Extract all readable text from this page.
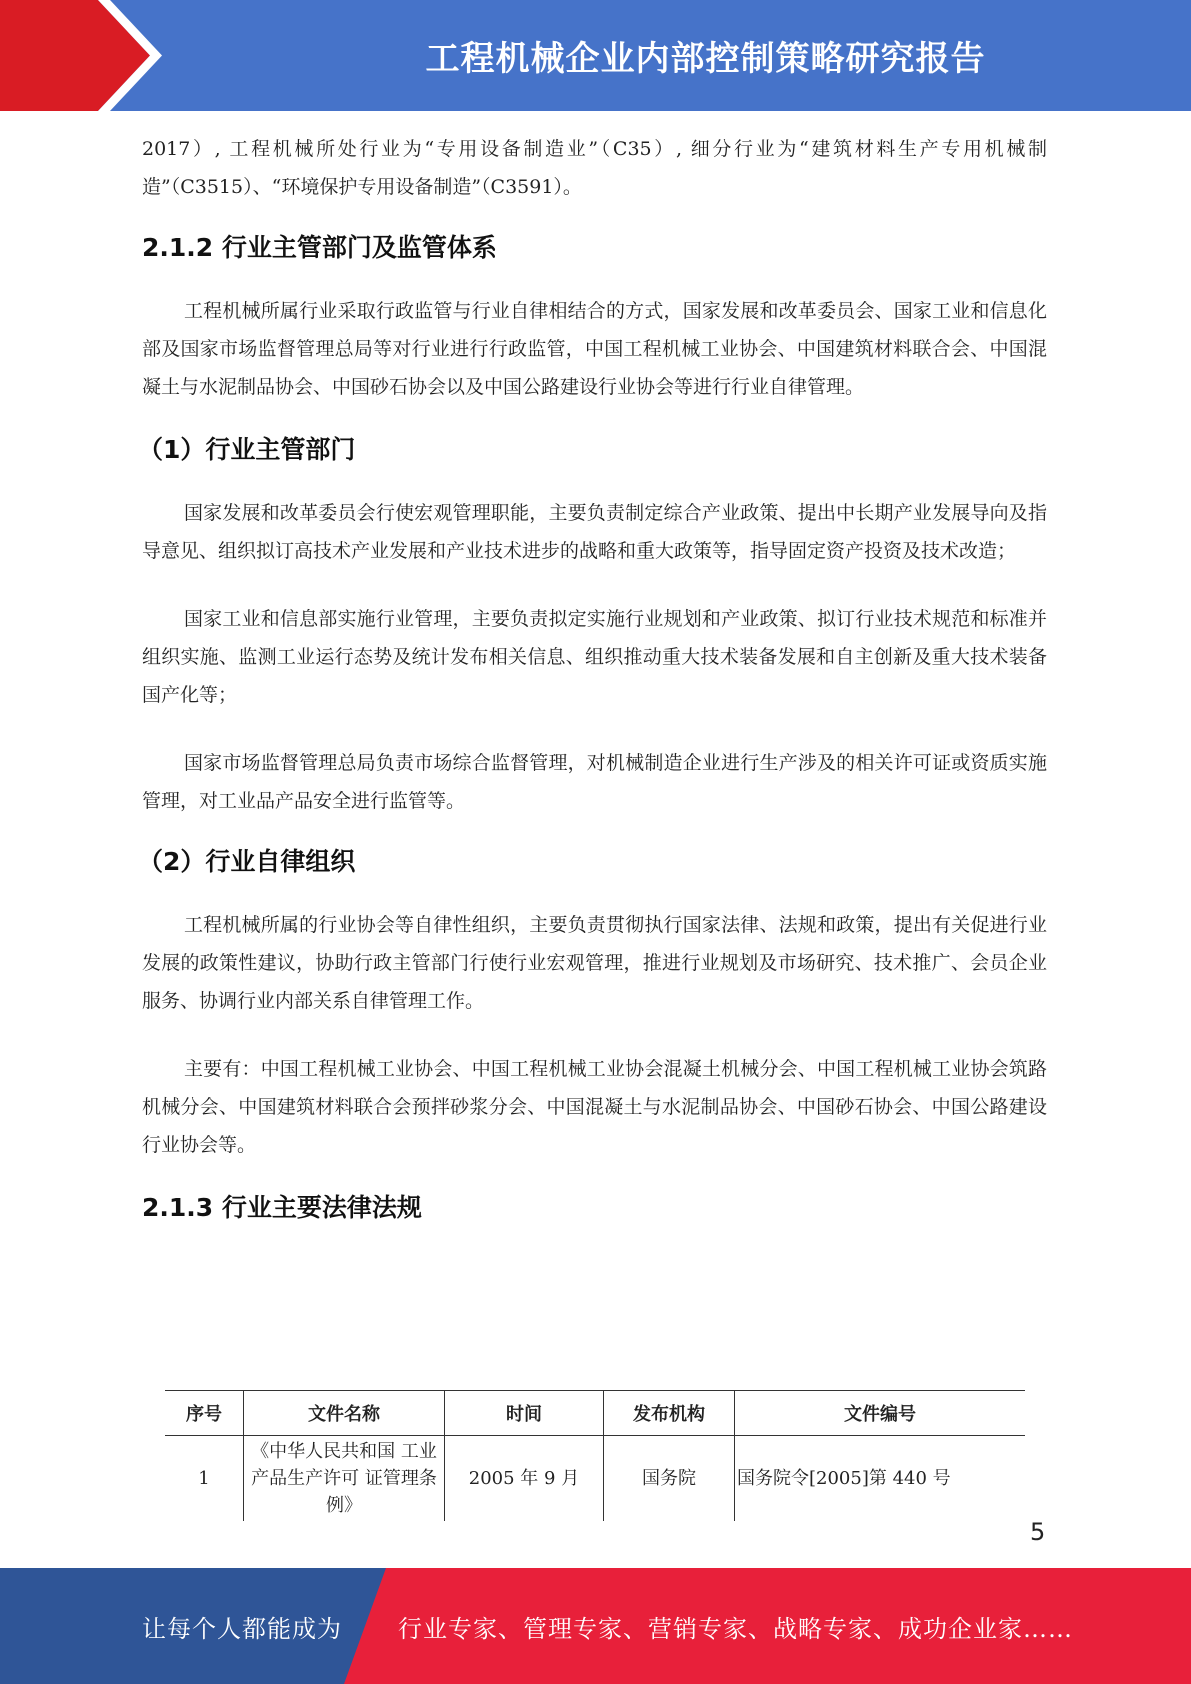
工程机械企业内部控制策略研究报告

2017）, 工程机械所处行业为“专用设备制造业”（C35）, 细分行业为“建筑材料生产专用机械制造”（C3515）、“环境保护专用设备制造”（C3591）。

2.1.2 行业主管部门及监管体系

工程机械所属行业采取行政监管与行业自律相结合的方式，国家发展和改革委员会、国家工业和信息化部及国家市场监督管理总局等对行业进行行政监管，中国工程机械工业协会、中国建筑材料联合会、中国混凝土与水泥制品协会、中国砂石协会以及中国公路建设行业协会等进行行业自律管理。

（1）行业主管部门

国家发展和改革委员会行使宏观管理职能，主要负责制定综合产业政策、提出中长期产业发展导向及指导意见、组织拟订高技术产业发展和产业技术进步的战略和重大政策等，指导固定资产投资及技术改造；

国家工业和信息部实施行业管理，主要负责拟定实施行业规划和产业政策、拟订行业技术规范和标准并组织实施、监测工业运行态势及统计发布相关信息、组织推动重大技术装备发展和自主创新及重大技术装备国产化等；

国家市场监督管理总局负责市场综合监督管理，对机械制造企业进行生产涉及的相关许可证或资质实施管理，对工业品产品安全进行监管等。

（2）行业自律组织

工程机械所属的行业协会等自律性组织，主要负责贯彻执行国家法律、法规和政策，提出有关促进行业发展的政策性建议，协助行政主管部门行使行业宏观管理，推进行业规划及市场研究、技术推广、会员企业服务、协调行业内部关系自律管理工作。

主要有：中国工程机械工业协会、中国工程机械工业协会混凝土机械分会、中国工程机械工业协会筑路机械分会、中国建筑材料联合会预拌砂浆分会、中国混凝土与水泥制品协会、中国砂石协会、中国公路建设行业协会等。

2.1.3 行业主要法律法规
序号	文件名称	时间	发布机构	文件编号
1	《中华人民共和国 工业产品生产许可 证管理条例》	2005 年 9 月	国务院	国务院令[2005]第 440 号
5
让每个人都能成为 行业专家、管理专家、营销专家、战略专家、成功企业家……
